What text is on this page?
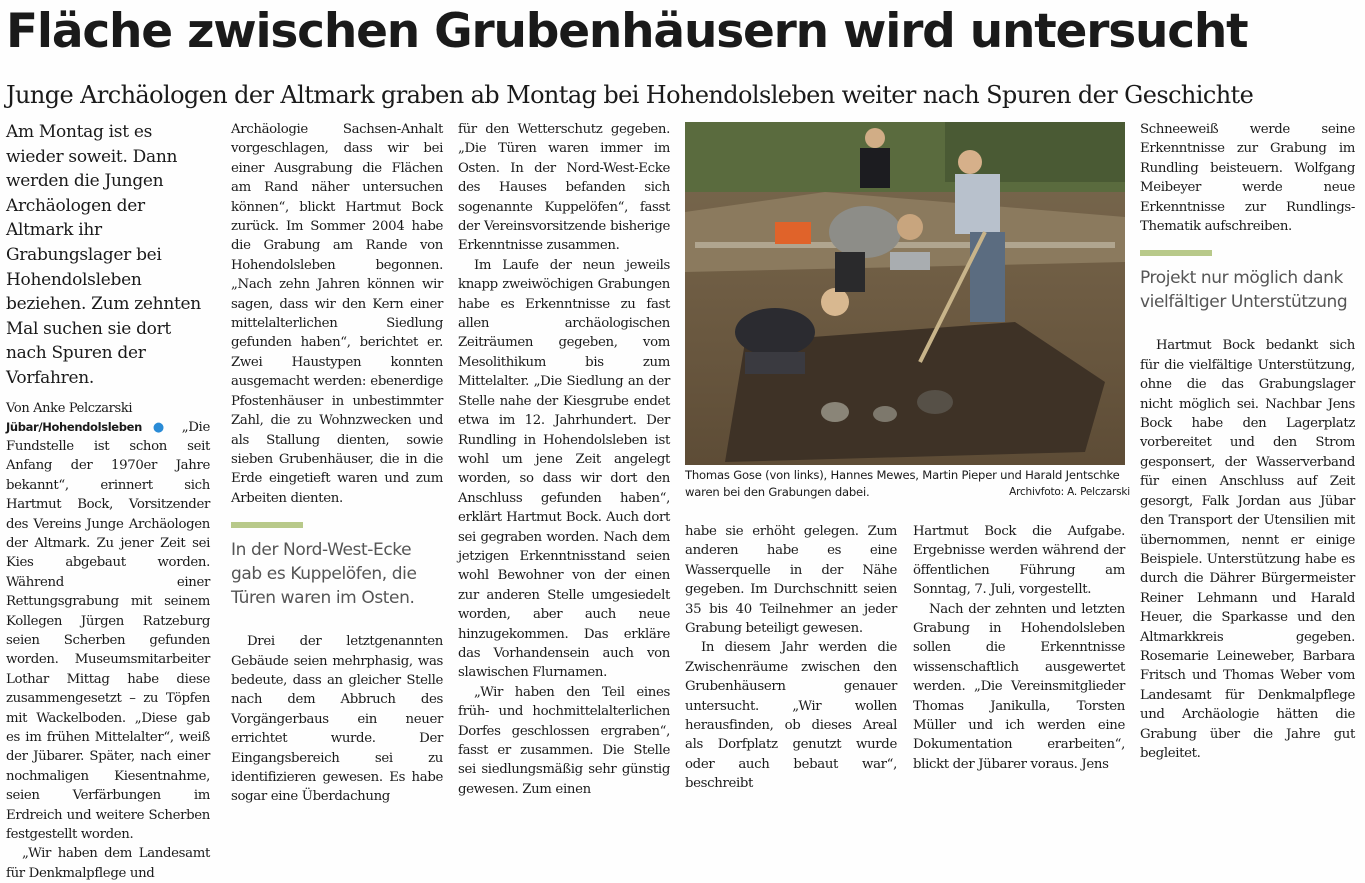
Fläche zwischen Grubenhäusern wird untersucht
Junge Archäologen der Altmark graben ab Montag bei Hohendolsleben weiter nach Spuren der Geschichte

Am Montag ist es wieder soweit. Dann werden die Jungen Archäologen der Altmark ihr Grabungslager bei Hohendolsleben beziehen. Zum zehnten Mal suchen sie dort nach Spuren der Vorfahren.

Von Anke Pelczarski

Jübar/Hohendolsleben ● „Die Fundstelle ist schon seit Anfang der 1970er Jahre bekannt“, erinnert sich Hartmut Bock, Vorsitzender des Vereins Junge Archäologen der Altmark. Zu jener Zeit sei Kies abgebaut worden. Während einer Rettungsgrabung mit seinem Kollegen Jürgen Ratzeburg seien Scherben gefunden worden. Museumsmitarbeiter Lothar Mittag habe diese zusammengesetzt – zu Töpfen mit Wackelboden. „Diese gab es im frühen Mittelalter“, weiß der Jübarer. Später, nach einer nochmaligen Kiesentnahme, seien Verfärbungen im Erdreich und weitere Scherben festgestellt worden.

„Wir haben dem Landesamt für Denkmalpflege und

Archäologie Sachsen-Anhalt vorgeschlagen, dass wir bei einer Ausgrabung die Flächen am Rand näher untersuchen können“, blickt Hartmut Bock zurück. Im Sommer 2004 habe die Grabung am Rande von Hohendolsleben begonnen. „Nach zehn Jahren können wir sagen, dass wir den Kern einer mittelalterlichen Siedlung gefunden haben“, berichtet er. Zwei Haustypen konnten ausgemacht werden: ebenerdige Pfostenhäuser in unbestimmter Zahl, die zu Wohnzwecken und als Stallung dienten, sowie sieben Grubenhäuser, die in die Erde eingetieft waren und zum Arbeiten dienten.

In der Nord-West-Ecke gab es Kuppelöfen, die Türen waren im Osten.

Drei der letztgenannten Gebäude seien mehrphasig, was bedeute, dass an gleicher Stelle nach dem Abbruch des Vorgängerbaus ein neuer errichtet wurde. Der Eingangsbereich sei zu identifizieren gewesen. Es habe sogar eine Überdachung

für den Wetterschutz gegeben. „Die Türen waren immer im Osten. In der Nord-West-Ecke des Hauses befanden sich sogenannte Kuppelöfen“, fasst der Vereinsvorsitzende bisherige Erkenntnisse zusammen.

Im Laufe der neun jeweils knapp zweiwöchigen Grabungen habe es Erkenntnisse zu fast allen archäologischen Zeiträumen gegeben, vom Mesolithikum bis zum Mittelalter. „Die Siedlung an der Stelle nahe der Kiesgrube endet etwa im 12. Jahrhundert. Der Rundling in Hohendolsleben ist wohl um jene Zeit angelegt worden, so dass wir dort den Anschluss gefunden haben“, erklärt Hartmut Bock. Auch dort sei gegraben worden. Nach dem jetzigen Erkenntnisstand seien wohl Bewohner von der einen zur anderen Stelle umgesiedelt worden, aber auch neue hinzugekommen. Das erkläre das Vorhandensein auch von slawischen Flurnamen.

„Wir haben den Teil eines früh- und hochmittelalterlichen Dorfes geschlossen ergraben“, fasst er zusammen. Die Stelle sei siedlungsmäßig sehr günstig gewesen. Zum einen

Thomas Gose (von links), Hannes Mewes, Martin Pieper und Harald Jentschke waren bei den Grabungen dabei.	Archivfoto: A. Pelczarski

habe sie erhöht gelegen. Zum anderen habe es eine Wasserquelle in der Nähe gegeben. Im Durchschnitt seien 35 bis 40 Teilnehmer an jeder Grabung beteiligt gewesen.

In diesem Jahr werden die Zwischenräume zwischen den Grubenhäusern genauer untersucht. „Wir wollen herausfinden, ob dieses Areal als Dorfplatz genutzt wurde oder auch bebaut war“, beschreibt

Hartmut Bock die Aufgabe. Ergebnisse werden während der öffentlichen Führung am Sonntag, 7. Juli, vorgestellt.

Nach der zehnten und letzten Grabung in Hohendolsleben sollen die Erkenntnisse wissenschaftlich ausgewertet werden. „Die Vereinsmitglieder Thomas Janikulla, Torsten Müller und ich werden eine Dokumentation erarbeiten“, blickt der Jübarer voraus. Jens

Schneeweiß werde seine Erkenntnisse zur Grabung im Rundling beisteuern. Wolfgang Meibeyer werde neue Erkenntnisse zur Rundlings-Thematik aufschreiben.

Projekt nur möglich dank vielfältiger Unterstützung

Hartmut Bock bedankt sich für die vielfältige Unterstützung, ohne die das Grabungslager nicht möglich sei. Nachbar Jens Bock habe den Lagerplatz vorbereitet und den Strom gesponsert, der Wasserverband für einen Anschluss auf Zeit gesorgt, Falk Jordan aus Jübar den Transport der Utensilien mit übernommen, nennt er einige Beispiele. Unterstützung habe es durch die Dährer Bürgermeister Reiner Lehmann und Harald Heuer, die Sparkasse und den Altmarkkreis gegeben. Rosemarie Leineweber, Barbara Fritsch und Thomas Weber vom Landesamt für Denkmalpflege und Archäologie hätten die Grabung über die Jahre gut begleitet.
